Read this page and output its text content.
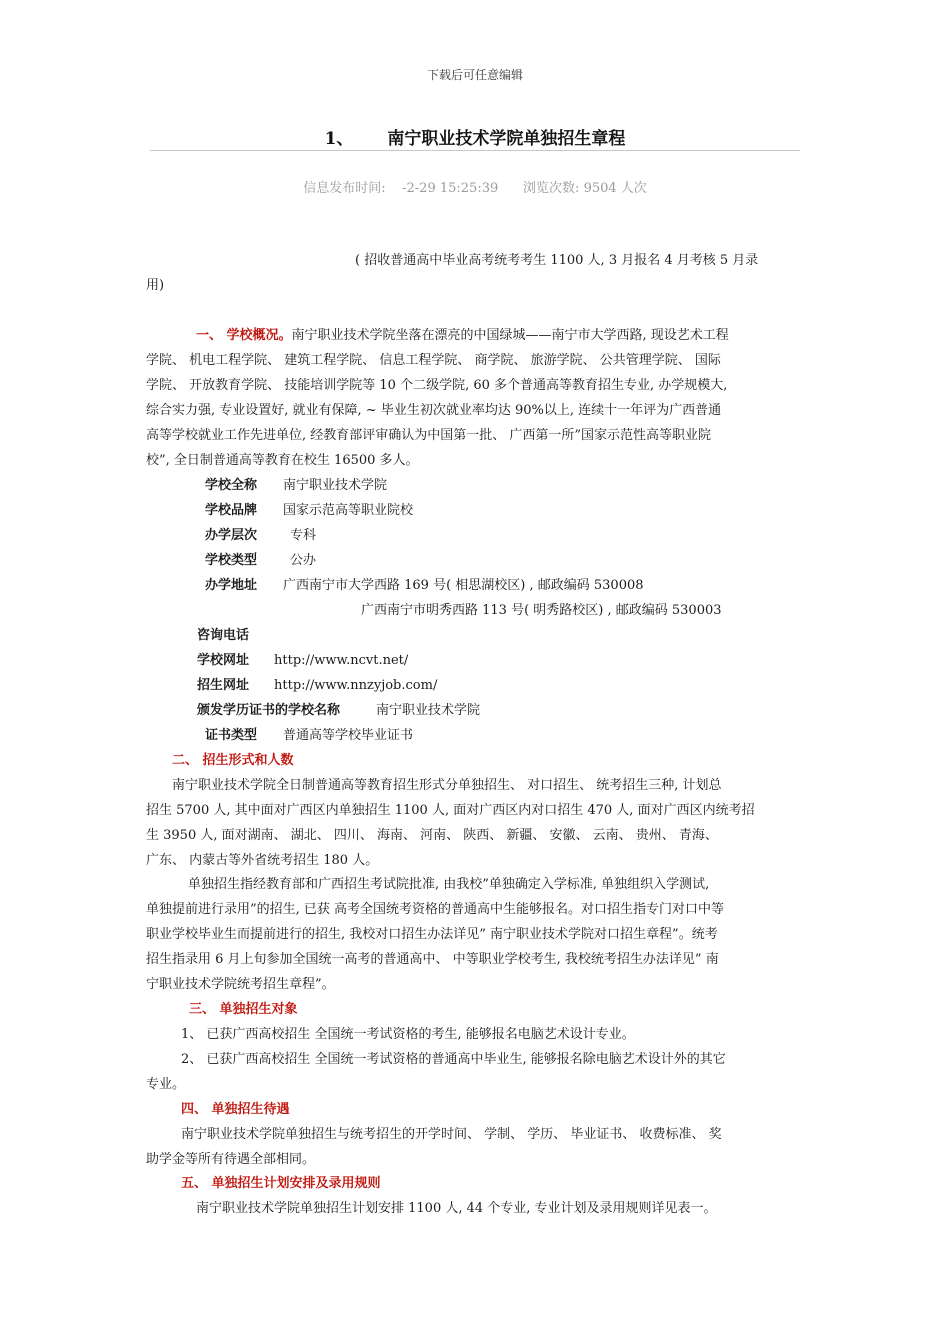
下载后可任意编辑
1、 南宁职业技术学院单独招生章程
信息发布时间: -2-29 15:25:39 浏览次数: 9504 人次
( 招收普通高中毕业高考统考考生 1100 人, 3 月报名 4 月考核 5 月录
用)
一、 学校概况。南宁职业技术学院坐落在漂亮的中国绿城——南宁市大学西路, 现设艺术工程
学院、 机电工程学院、 建筑工程学院、 信息工程学院、 商学院、 旅游学院、 公共管理学院、 国际
学院、 开放教育学院、 技能培训学院等 10 个二级学院, 60 多个普通高等教育招生专业, 办学规模大,
综合实力强, 专业设置好, 就业有保障, ~ 毕业生初次就业率均达 90%以上, 连续十一年评为广西普通
高等学校就业工作先进单位, 经教育部评审确认为中国第一批、 广西第一所”国家示范性高等职业院
校”, 全日制普通高等教育在校生 16500 多人。
学校全称 南宁职业技术学院
学校品牌 国家示范高等职业院校
办学层次	专科
学校类型	公办
办学地址 广西南宁市大学西路 169 号( 相思湖校区) , 邮政编码 530008
广西南宁市明秀西路 113 号( 明秀路校区) , 邮政编码 530003
咨询电话
学校网址 http://www.ncvt.net/
招生网址 http://www.nnzyjob.com/
颁发学历证书的学校名称	南宁职业技术学院
证书类型 普通高等学校毕业证书
二、 招生形式和人数
南宁职业技术学院全日制普通高等教育招生形式分单独招生、 对口招生、 统考招生三种, 计划总
招生 5700 人, 其中面对广西区内单独招生 1100 人, 面对广西区内对口招生 470 人, 面对广西区内统考招
生 3950 人, 面对湖南、 湖北、 四川、 海南、 河南、 陕西、 新疆、 安徽、 云南、 贵州、 青海、
广东、 内蒙古等外省统考招生 180 人。
单独招生指经教育部和广西招生考试院批准, 由我校”单独确定入学标准, 单独组织入学测试,
单独提前进行录用”的招生, 已获 高考全国统考资格的普通高中生能够报名。对口招生指专门对口中等
职业学校毕业生而提前进行的招生, 我校对口招生办法详见” 南宁职业技术学院对口招生章程”。统考
招生指录用 6 月上旬参加全国统一高考的普通高中、 中等职业学校考生, 我校统考招生办法详见” 南
宁职业技术学院统考招生章程”。
三、 单独招生对象
1、 已获广西高校招生 全国统一考试资格的考生, 能够报名电脑艺术设计专业。
2、 已获广西高校招生 全国统一考试资格的普通高中毕业生, 能够报名除电脑艺术设计外的其它
专业。
四、 单独招生待遇
南宁职业技术学院单独招生与统考招生的开学时间、 学制、 学历、 毕业证书、 收费标准、 奖
助学金等所有待遇全部相同。
五、 单独招生计划安排及录用规则
南宁职业技术学院单独招生计划安排 1100 人, 44 个专业, 专业计划及录用规则详见表一。
